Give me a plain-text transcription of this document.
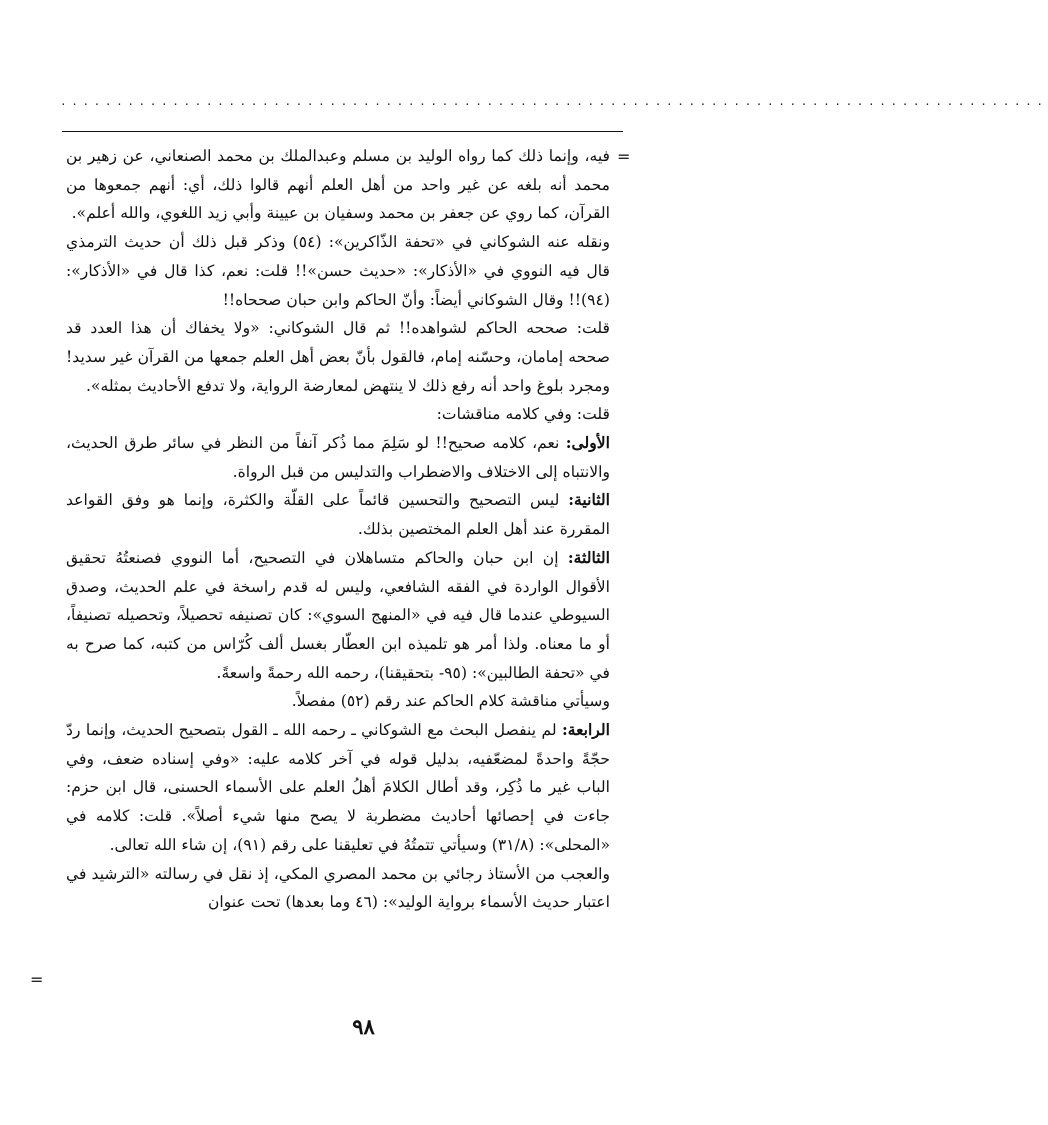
........................................................................................
=
=

فيه، وإنما ذلك كما رواه الوليد بن مسلم وعبدالملك بن محمد الصنعاني، عن زهير بن محمد أنه بلغه عن غير واحد من أهل العلم أنهم قالوا ذلك، أي: أنهم جمعوها من القرآن، كما روي عن جعفر بن محمد وسفيان بن عيينة وأبي زيد اللغوي، والله أعلم».

ونقله عنه الشوكاني في «تحفة الذّاكرين»: (٥٤) وذكر قبل ذلك أن حديث الترمذي قال فيه النووي في «الأذكار»: «حديث حسن»!! قلت: نعم، كذا قال في «الأذكار»: (٩٤)!! وقال الشوكاني أيضاً: وأنّ الحاكم وابن حبان صححاه!!

قلت: صححه الحاكم لشواهده!! ثم قال الشوكاني: «ولا يخفاك أن هذا العدد قد صححه إمامان، وحسّنه إمام، فالقول بأنّ بعض أهل العلم جمعها من القرآن غير سديد! ومجرد بلوغ واحد أنه رفع ذلك لا ينتهض لمعارضة الرواية، ولا تدفع الأحاديث بمثله».

قلت: وفي كلامه مناقشات:

الأولى: نعم، كلامه صحيح!! لو سَلِمَ مما ذُكر آنفاً من النظر في سائر طرق الحديث، والانتباه إلى الاختلاف والاضطراب والتدليس من قبل الرواة.

الثانية: ليس التصحيح والتحسين قائماً على القلّة والكثرة، وإنما هو وفق القواعد المقررة عند أهل العلم المختصين بذلك.

الثالثة: إن ابن حبان والحاكم متساهلان في التصحيح، أما النووي فصنعتُهُ تحقيق الأقوال الواردة في الفقه الشافعي، وليس له قدم راسخة في علم الحديث، وصدق السيوطي عندما قال فيه في «المنهج السوي»: كان تصنيفه تحصيلاً، وتحصيله تصنيفاً، أو ما معناه. ولذا أمر هو تلميذه ابن العطّار بغسل ألف كُرّاس من كتبه، كما صرح به في «تحفة الطالبين»: (٩٥- بتحقيقنا)، رحمه الله رحمةً واسعةً.

وسيأتي مناقشة كلام الحاكم عند رقم (٥٢) مفصلاً.

الرابعة: لم ينفصل البحث مع الشوكاني ـ رحمه الله ـ القول بتصحيح الحديث، وإنما ردّ حجّةً واحدةً لمضعّفيه، بدليل قوله في آخر كلامه عليه: «وفي إسناده ضعف، وفي الباب غير ما ذُكِر، وقد أطال الكلامَ أهلُ العلم على الأسماء الحسنى، قال ابن حزم: جاءت في إحصائها أحاديث مضطربة لا يصح منها شيء أصلاً». قلت: كلامه في «المحلى»: (٣١/٨) وسيأتي تتمتُهُ في تعليقنا على رقم (٩١)، إن شاء الله تعالى.

والعجب من الأستاذ رجائي بن محمد المصري المكي، إذ نقل في رسالته «الترشيد في اعتبار حديث الأسماء برواية الوليد»: (٤٦ وما بعدها) تحت عنوان

٩٨
